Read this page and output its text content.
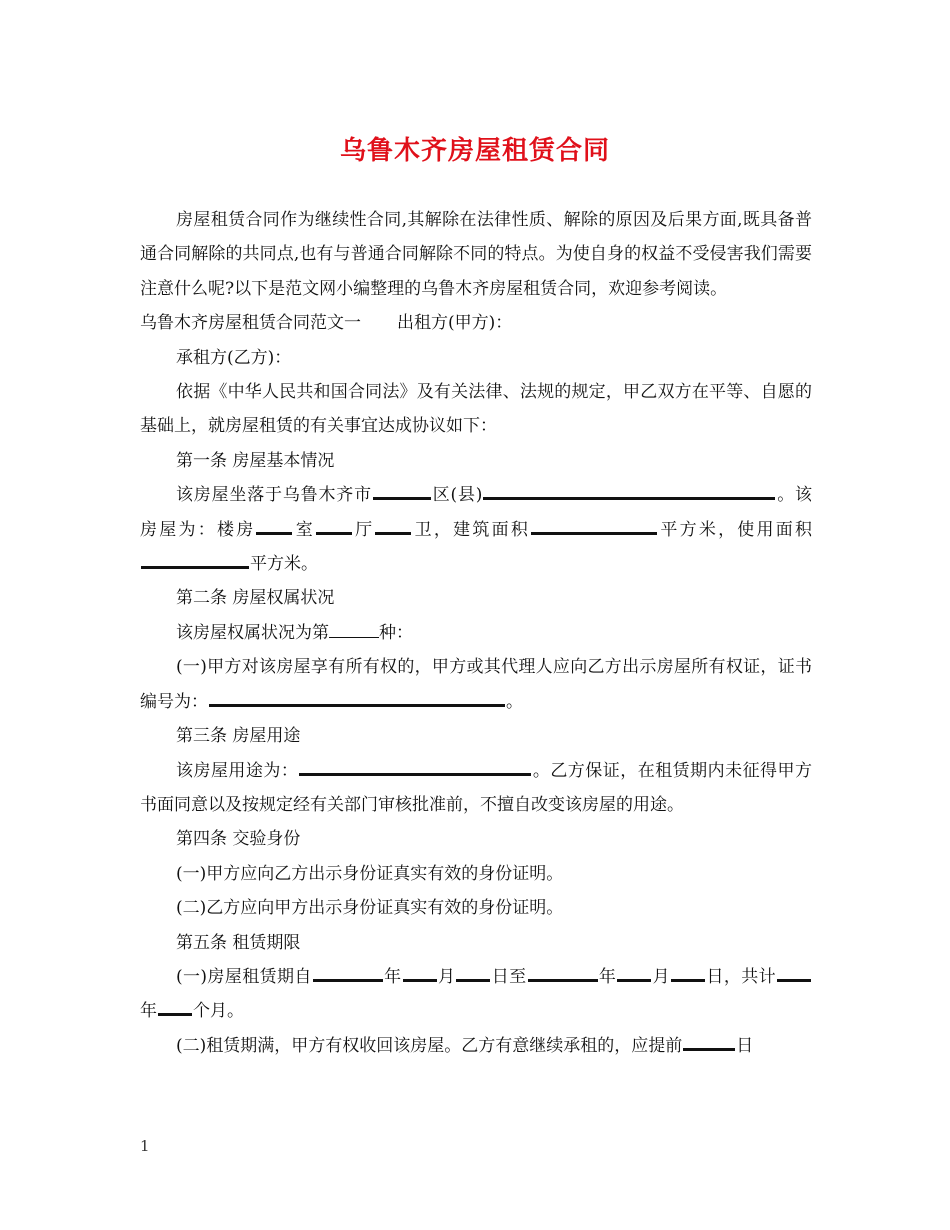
乌鲁木齐房屋租赁合同

房屋租赁合同作为继续性合同,其解除在法律性质、解除的原因及后果方面,既具备普通合同解除的共同点,也有与普通合同解除不同的特点。为使自身的权益不受侵害我们需要注意什么呢?以下是范文网小编整理的乌鲁木齐房屋租赁合同，欢迎参考阅读。

乌鲁木齐房屋租赁合同范文一 出租方(甲方)：

承租方(乙方)：

依据《中华人民共和国合同法》及有关法律、法规的规定，甲乙双方在平等、自愿的基础上，就房屋租赁的有关事宜达成协议如下：

第一条 房屋基本情况

该房屋坐落于乌鲁木齐市	区(县)	。该房屋为：楼房 室 厅 卫，建筑面积	平方米，使用面积平方米。

第二条 房屋权属状况

该房屋权属状况为第	种：

(一)甲方对该房屋享有所有权的，甲方或其代理人应向乙方出示房屋所有权证，证书编号为：	。

第三条 房屋用途

该房屋用途为：	。乙方保证，在租赁期内未征得甲方书面同意以及按规定经有关部门审核批准前，不擅自改变该房屋的用途。

第四条 交验身份

(一)甲方应向乙方出示身份证真实有效的身份证明。

(二)乙方应向甲方出示身份证真实有效的身份证明。

第五条 租赁期限

(一)房屋租赁期自	年 月 日至	年 月 日，共计年 个月。

(二)租赁期满，甲方有权收回该房屋。乙方有意继续承租的，应提前	日

1
